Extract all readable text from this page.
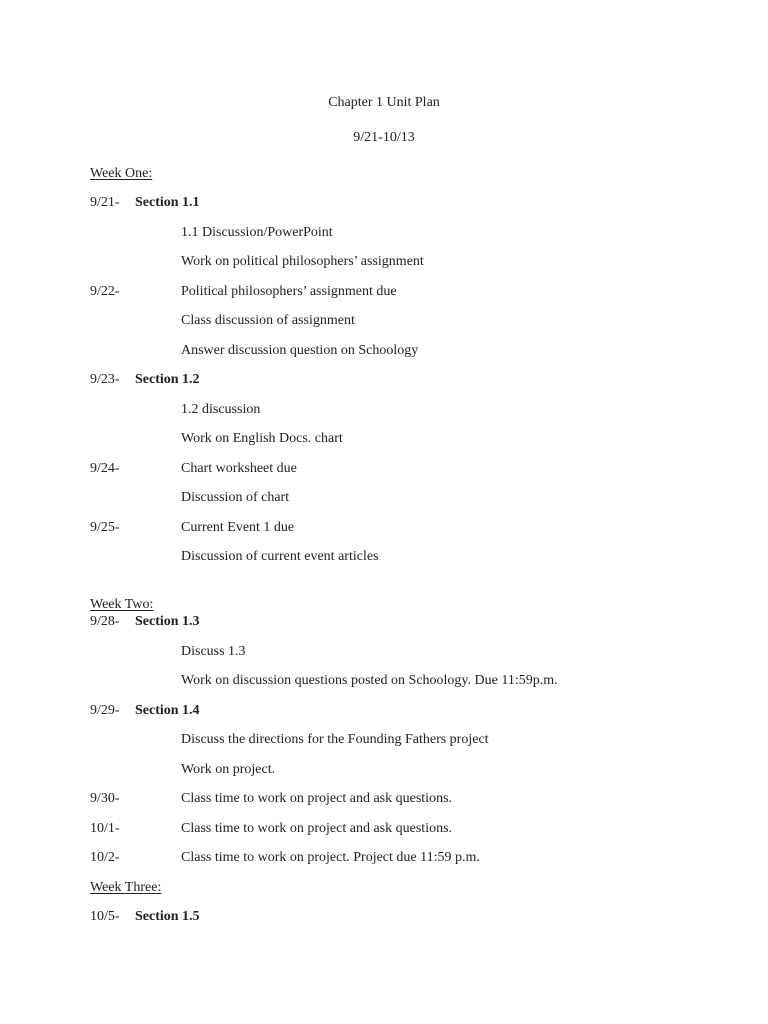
Chapter 1 Unit Plan
9/21-10/13
Week One:
9/21- Section 1.1
1.1 Discussion/PowerPoint
Work on political philosophers’ assignment
9/22-	Political philosophers’ assignment due
Class discussion of assignment
Answer discussion question on Schoology
9/23- Section 1.2
1.2 discussion
Work on English Docs. chart
9/24-	Chart worksheet due
Discussion of chart
9/25-	Current Event 1 due
Discussion of current event articles
Week Two:
9/28- Section 1.3
Discuss 1.3
Work on discussion questions posted on Schoology. Due 11:59p.m.
9/29- Section 1.4
Discuss the directions for the Founding Fathers project
Work on project.
9/30-	Class time to work on project and ask questions.
10/1-	Class time to work on project and ask questions.
10/2-	Class time to work on project. Project due 11:59 p.m.
Week Three:
10/5- Section 1.5
